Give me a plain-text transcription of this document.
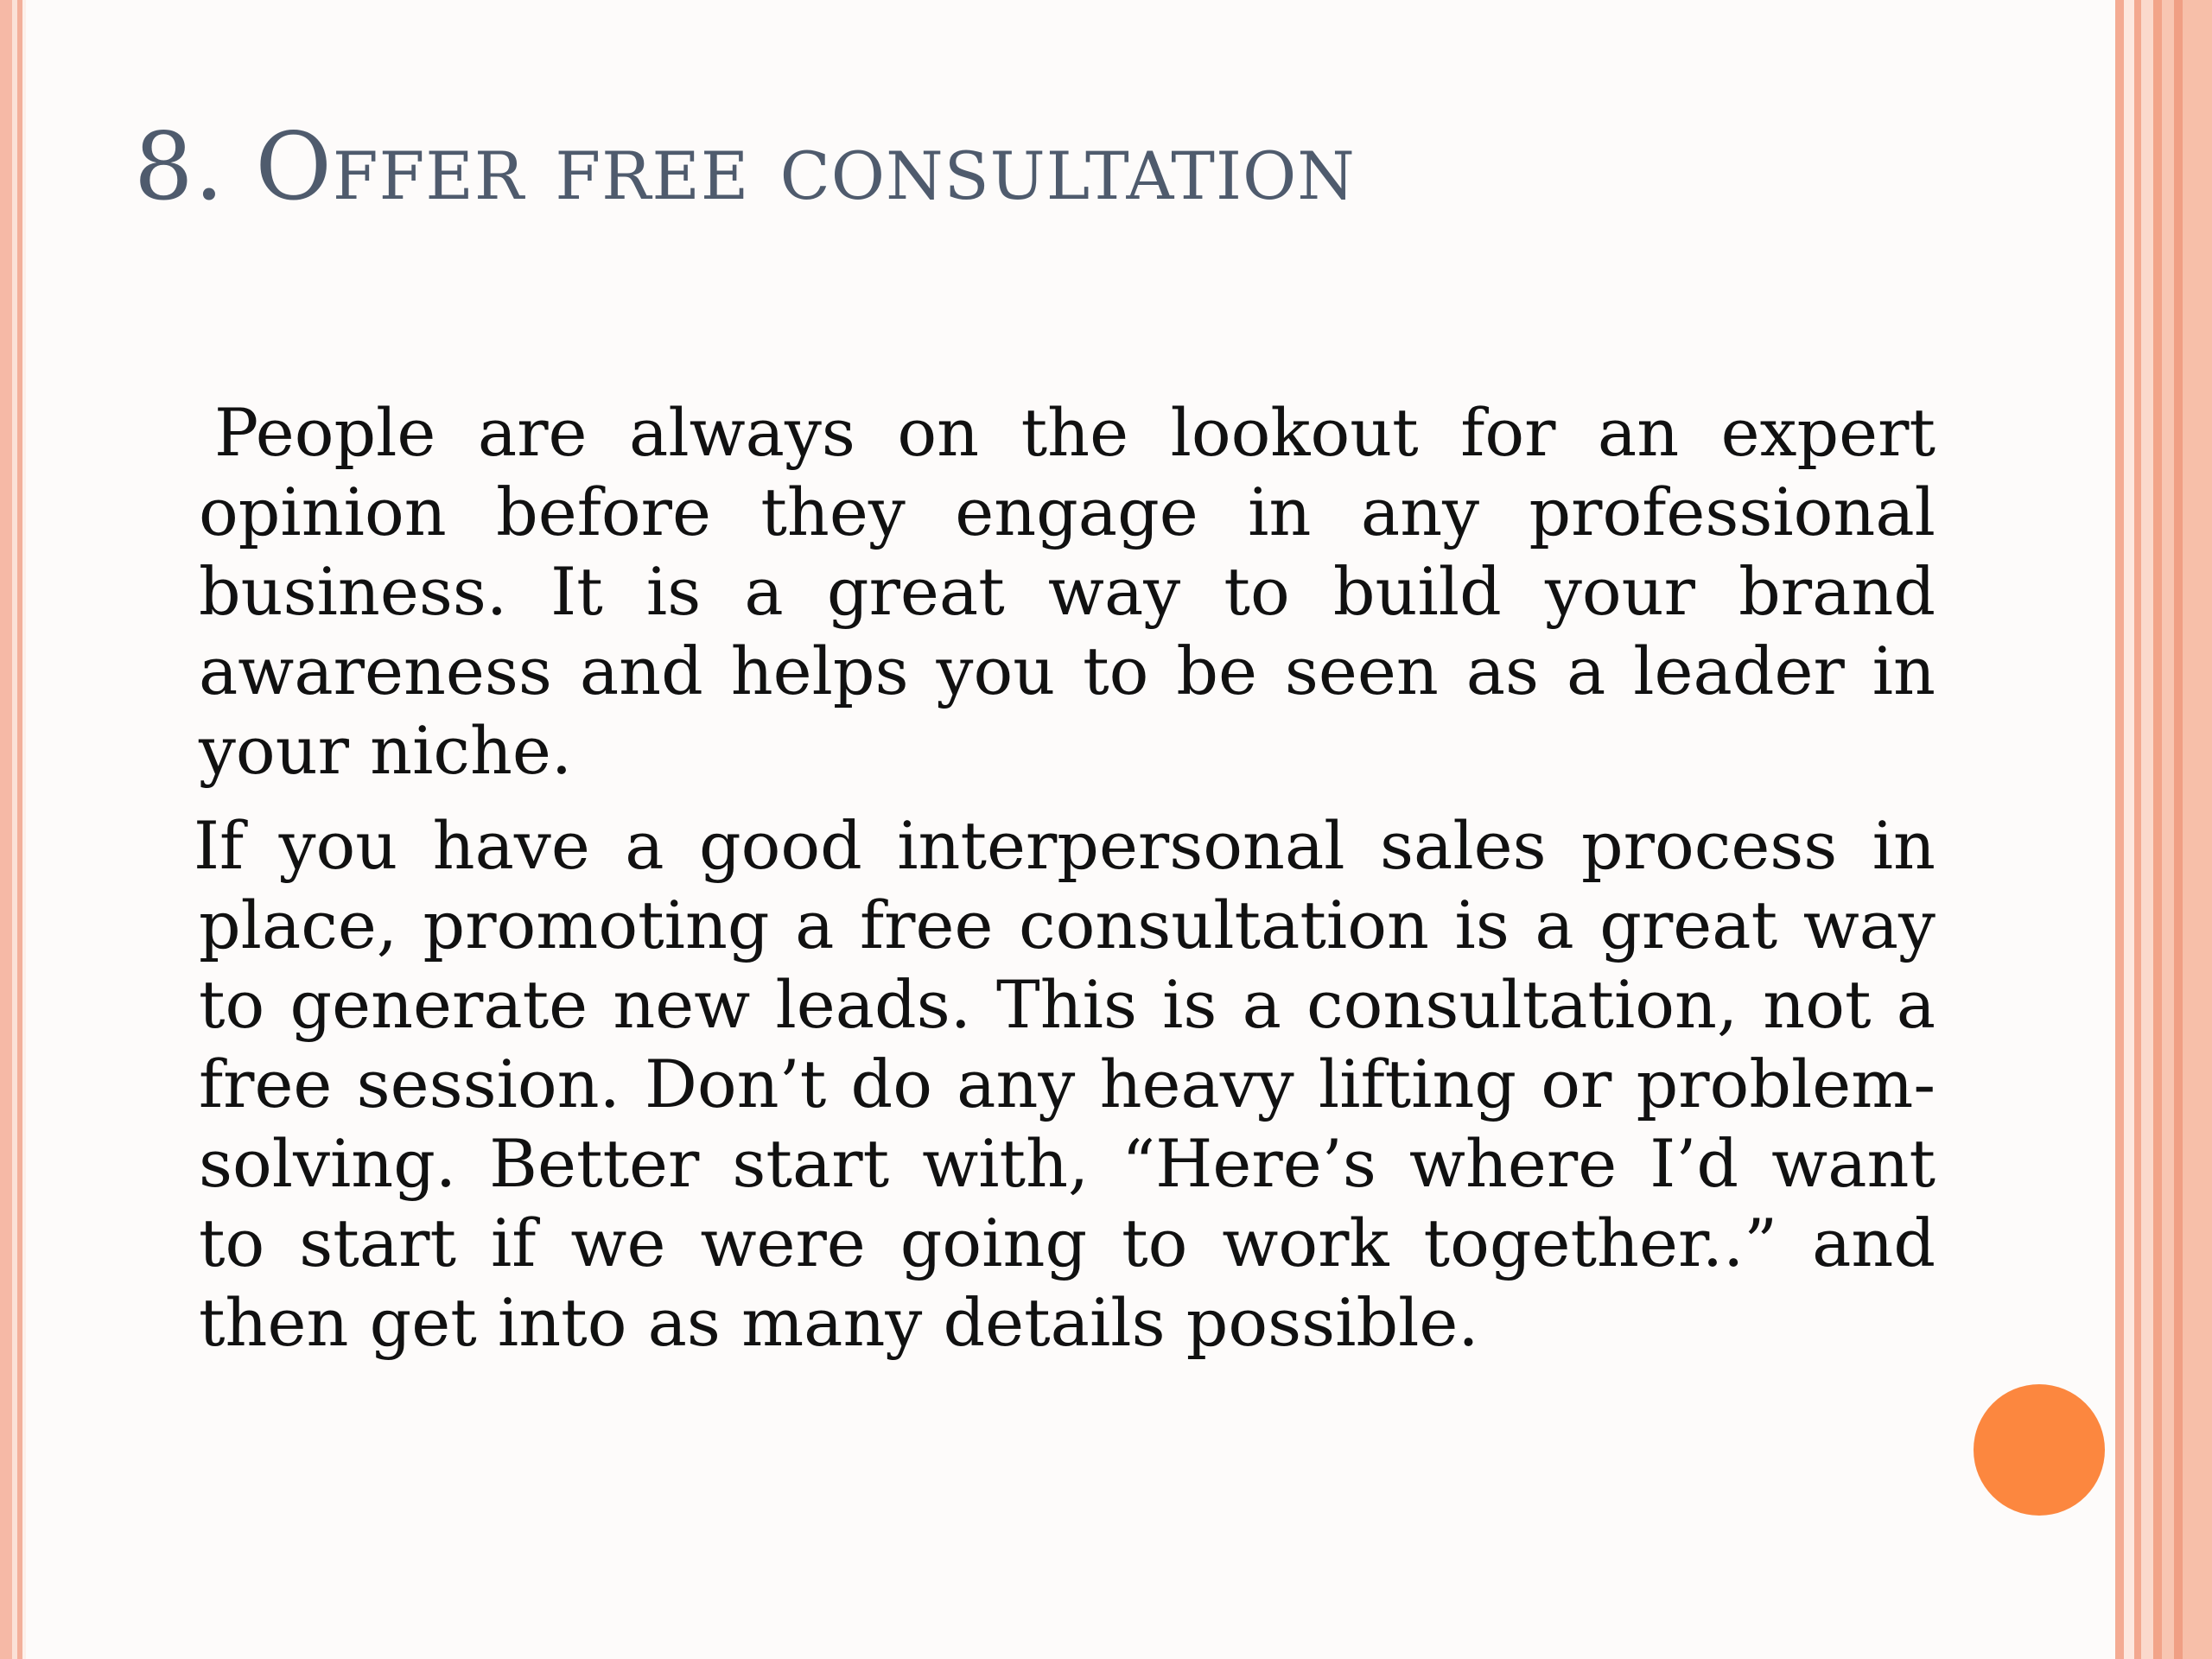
8. Offer free consultation

People are always on the lookout for an expert opinion before they engage in any professional business. It is a great way to build your brand awareness and helps you to be seen as a leader in your niche.

If you have a good interpersonal sales process in place, promoting a free consultation is a great way to generate new leads. This is a consultation, not a free session. Don’t do any heavy lifting or problem-solving. Better start with, “Here’s where I’d want to start if we were going to work together..” and then get into as many details possible.
